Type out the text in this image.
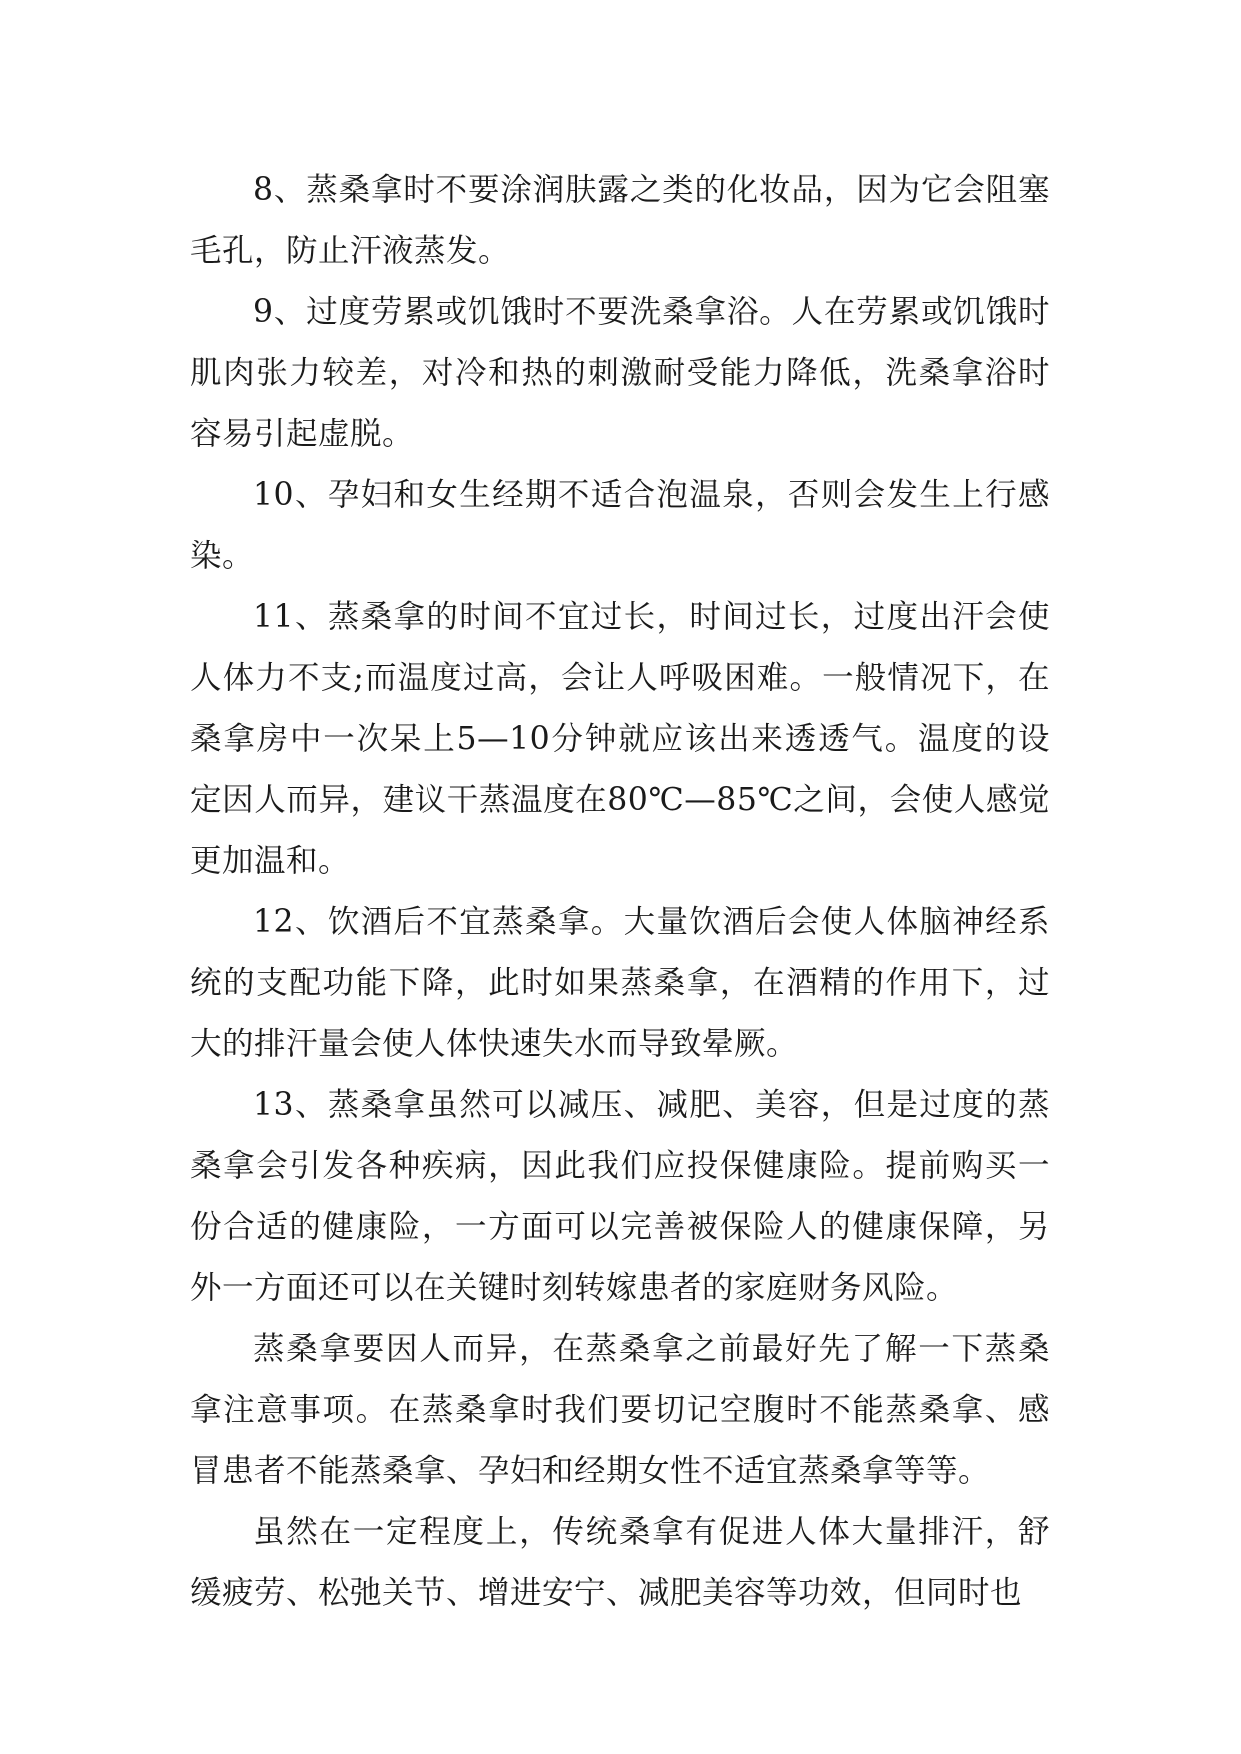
8、蒸桑拿时不要涂润肤露之类的化妆品，因为它会阻塞毛孔，防止汗液蒸发。

9、过度劳累或饥饿时不要洗桑拿浴。人在劳累或饥饿时肌肉张力较差，对冷和热的刺激耐受能力降低，洗桑拿浴时容易引起虚脱。

10、孕妇和女生经期不适合泡温泉，否则会发生上行感染。

11、蒸桑拿的时间不宜过长，时间过长，过度出汗会使人体力不支;而温度过高，会让人呼吸困难。一般情况下，在桑拿房中一次呆上5—10分钟就应该出来透透气。温度的设定因人而异，建议干蒸温度在80℃—85℃之间，会使人感觉更加温和。

12、饮酒后不宜蒸桑拿。大量饮酒后会使人体脑神经系统的支配功能下降，此时如果蒸桑拿，在酒精的作用下，过大的排汗量会使人体快速失水而导致晕厥。

13、蒸桑拿虽然可以减压、减肥、美容，但是过度的蒸桑拿会引发各种疾病，因此我们应投保健康险。提前购买一份合适的健康险，一方面可以完善被保险人的健康保障，另外一方面还可以在关键时刻转嫁患者的家庭财务风险。

蒸桑拿要因人而异，在蒸桑拿之前最好先了解一下蒸桑拿注意事项。在蒸桑拿时我们要切记空腹时不能蒸桑拿、感冒患者不能蒸桑拿、孕妇和经期女性不适宜蒸桑拿等等。

虽然在一定程度上，传统桑拿有促进人体大量排汗，舒缓疲劳、松弛关节、增进安宁、减肥美容等功效，但同时也
